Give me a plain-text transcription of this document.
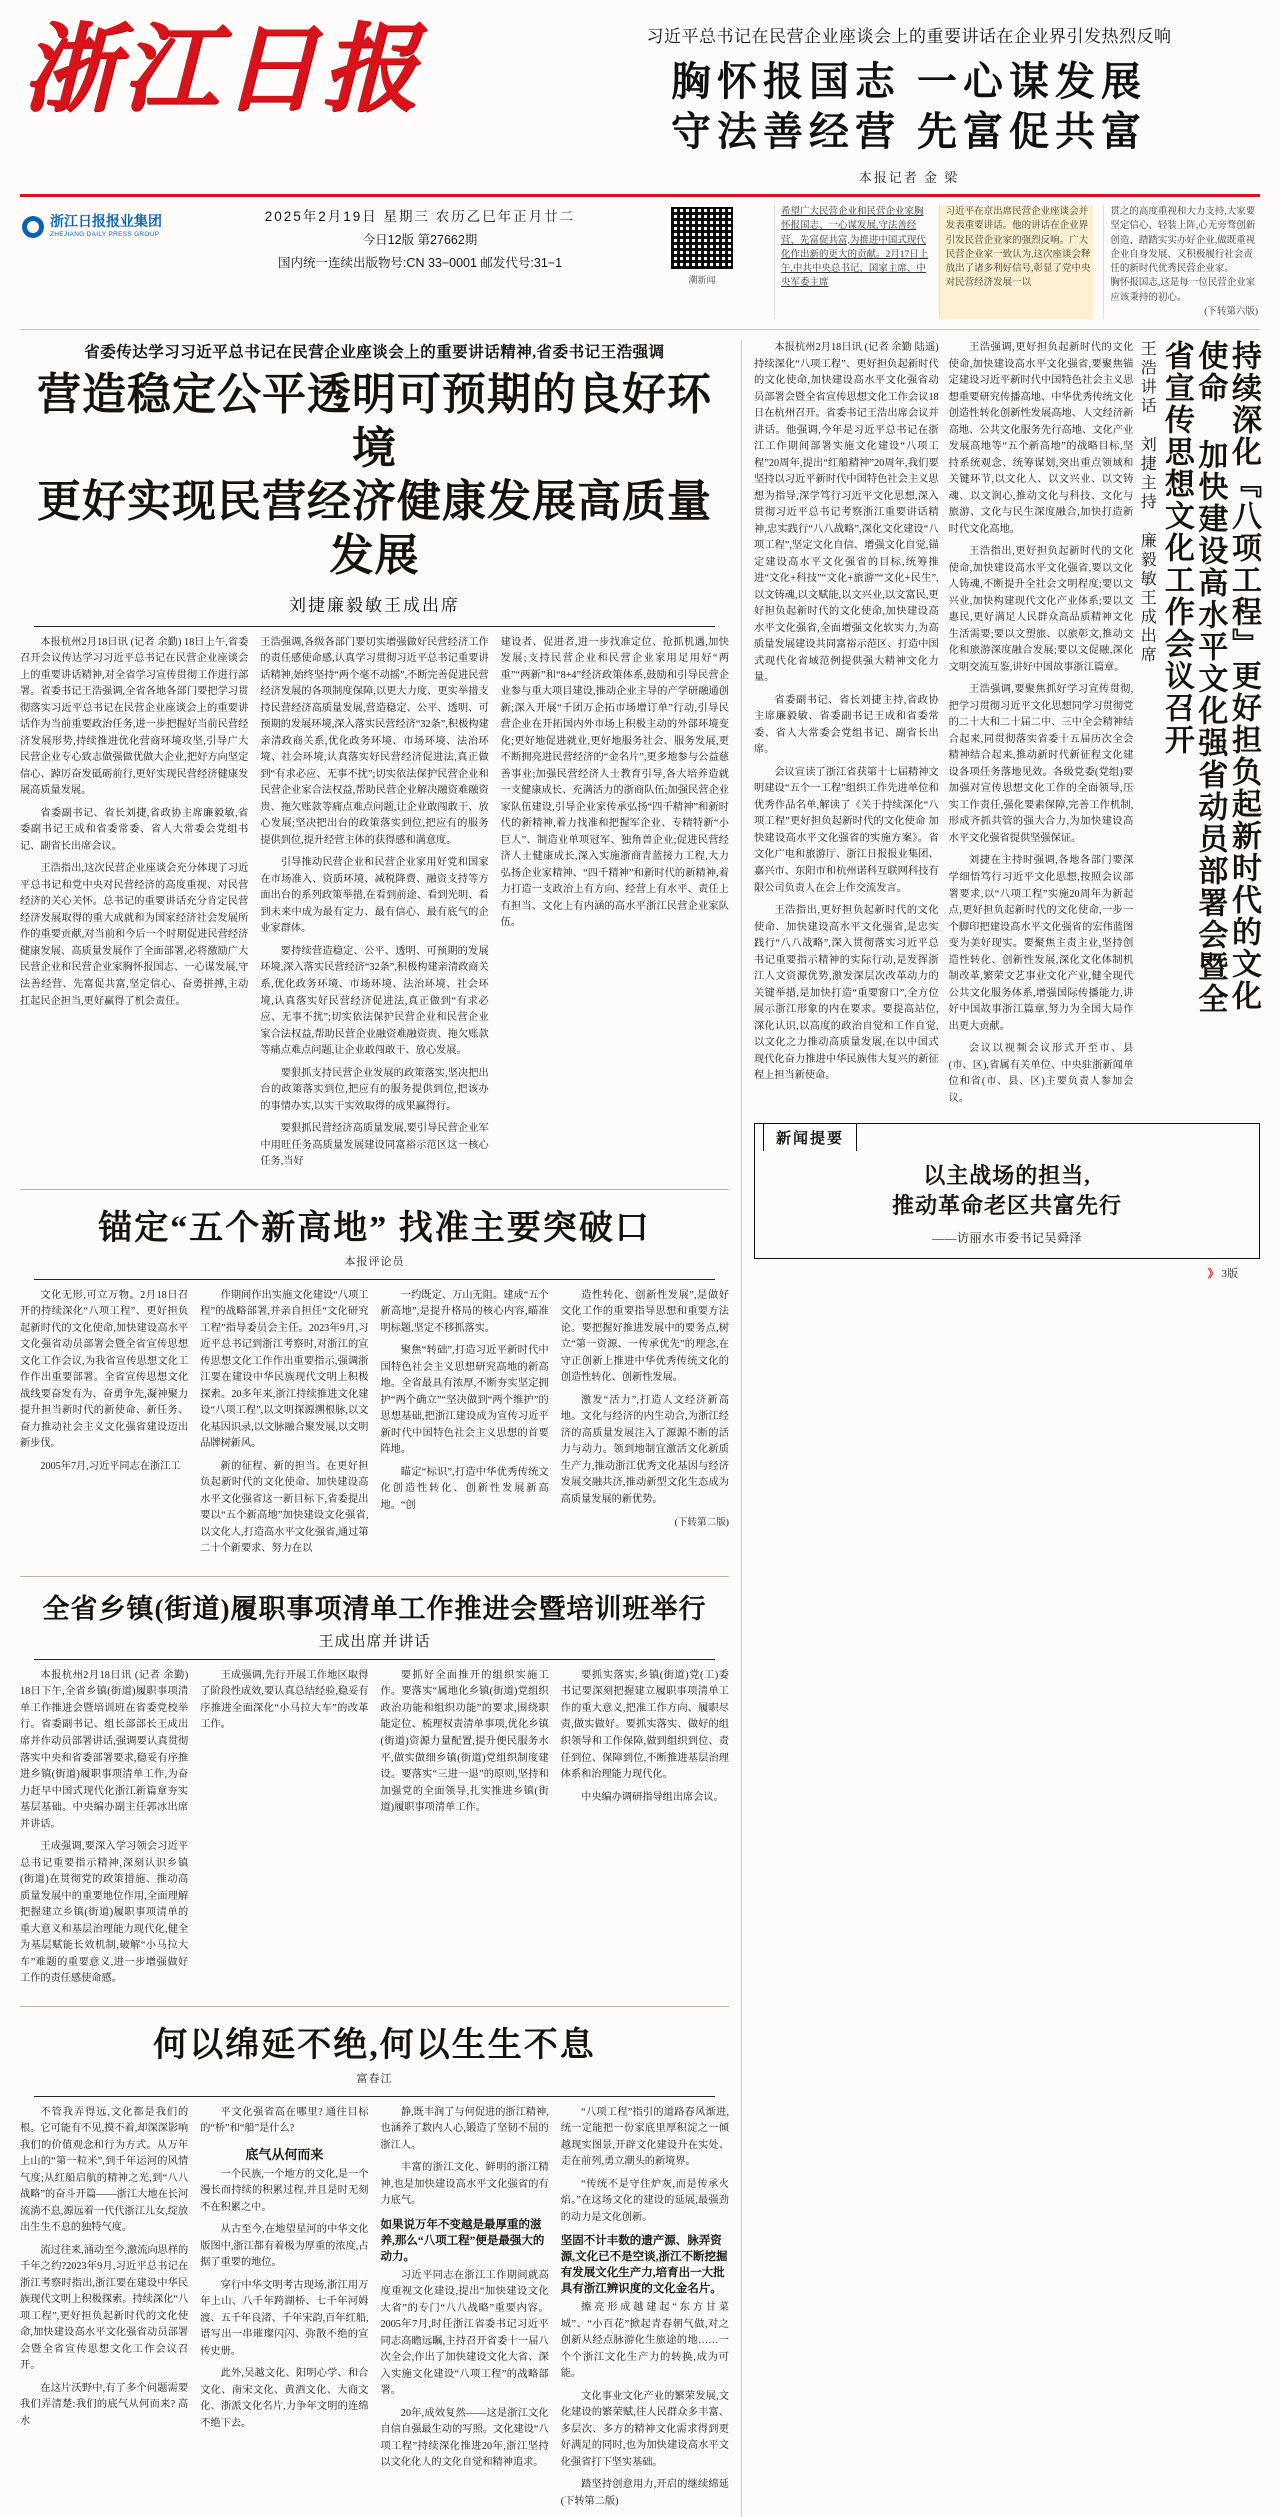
浙江日报	习近平总书记在民营企业座谈会上的重要讲话在企业界引发热烈反响
胸怀报国志 一心谋发展
守法善经营 先富促共富
本报记者 金 梁
浙江日报报业集团
ZHEJIANG DAILY PRESS GROUP
2025年2月19日 星期三 农历乙巳年正月廿二
今日12版 第27662期
国内统一连续出版物号:CN 33−0001 邮发代号:31−1
潮新闻
希望广大民营企业和民营企业家胸怀报国志、一心谋发展,守法善经营、先富促共富,为推进中国式现代化作出新的更大的贡献。2月17日上午,中共中央总书记、国家主席、中央军委主席
习近平在京出席民营企业座谈会并发表重要讲话。他的讲话在企业界引发民营企业家的强烈反响。广大民营企业家一致认为,这次座谈会释放出了诸多利好信号,彰显了党中央对民营经济发展一以
贯之的高度重视和大力支持,大家要坚定信心、轻装上阵,心无旁骛创新创造、踏踏实实办好企业,做既重视企业自身发展、又积极履行社会责任的新时代优秀民营企业家。
胸怀报国志,这是每一位民营企业家应该秉持的初心。
(下转第六版)
省委传达学习习近平总书记在民营企业座谈会上的重要讲话精神,省委书记王浩强调
营造稳定公平透明可预期的良好环境
更好实现民营经济健康发展高质量发展
刘捷廉毅敏王成出席

本报杭州2月18日讯 (记者 余勤) 18日上午,省委召开会议传达学习习近平总书记在民营企业座谈会上的重要讲话精神,对全省学习宣传贯彻工作进行部署。省委书记王浩强调,全省各地各部门要把学习贯彻落实习近平总书记在民营企业座谈会上的重要讲话作为当前重要政治任务,进一步把握好当前民营经济发展形势,持续推进优化营商环境攻坚,引导广大民营企业专心致志做强做优做大企业,把好方向坚定信心、踔厉奋发砥砺前行,更好实现民营经济健康发展高质量发展。

省委副书记、省长刘捷,省政协主席廉毅敏,省委副书记王成和省委常委、省人大常委会党组书记、副省长出席会议。

王浩指出,这次民营企业座谈会充分体现了习近平总书记和党中央对民营经济的高度重视、对民营经济的关心关怀。总书记的重要讲话充分肯定民营经济发展取得的重大成就和为国家经济社会发展所作的重要贡献,对当前和今后一个时期促进民营经济健康发展、高质量发展作了全面部署,必将激励广大民营企业和民营企业家胸怀报国志、一心谋发展,守法善经营、先富促共富,坚定信心、奋勇拼搏,主动扛起民企担当,更好赢得了机会责任。

王浩强调,各级各部门要切实增强做好民营经济工作的责任感使命感,认真学习贯彻习近平总书记重要讲话精神,始终坚持“两个毫不动摇”,不断完善促进民营经济发展的各项制度保障,以更大力度、更实举措支持民营经济高质量发展,营造稳定、公平、透明、可预期的发展环境,深入落实民营经济“32条”,积极构建亲清政商关系,优化政务环境、市场环境、法治环境、社会环境,认真落实好民营经济促进法,真正做到“有求必应、无事不扰”;切实依法保护民营企业和民营企业家合法权益,帮助民营企业解决融资难融资贵、拖欠账款等痛点难点问题,让企业敢闯敢干、放心发展;坚决把出台的政策落实到位,把应有的服务提供到位,提升经营主体的获得感和满意度。

引导推动民营企业和民营企业家用好党和国家在市场准入、资质环境、减税降费、融资支持等方面出台的系列政策举措,在看到前途、看到光明、看到未来中成为最有定力、最有信心、最有底气的企业家群体。

要持续营造稳定、公平、透明、可预期的发展环境,深入落实民营经济“32条”,积极构建亲清政商关系,优化政务环境、市场环境、法治环境、社会环境,认真落实好民营经济促进法,真正做到“有求必应、无事不扰”;切实依法保护民营企业和民营企业家合法权益,帮助民营企业融资难融资贵、拖欠账款等痛点难点问题,让企业敢闯敢干、放心发展。

要狠抓支持民营企业发展的政策落实,坚决把出台的政策落实到位,把应有的服务提供到位,把该办的事情办实,以实干实效取得的成果赢得行。

要狠抓民营经济高质量发展,要引导民营企业军中用旺任务高质量发展建设同富裕示范区这一核心任务,当好

建设者、促进者,进一步找准定位、抢抓机遇,加快发展;支持民营企业和民营企业家用足用好“两重”“两新”和“8+4”经济政策体系,鼓励和引导民营企业参与重大项目建设,推动企业主导的产学研融通创新;深入开展“千团万企拓市场增订单”行动,引导民营企业在开拓国内外市场上积极主动的外部环境变化;更好地促进就业,更好地服务社会、服务发展,更不断拥亮进民营经济的“金名片”,更多地参与公益慈善事业;加强民营经济人士教育引导,各大培养造就一支健康成长、充满活力的浙商队伍;加强民营企业家队伍建设,引导企业家传承弘扬“四千精神”和新时代的新精神,着力找准和把握军企业、专精特新“小巨人”、制造业单项冠军、独角兽企业;促进民营经济人士健康成长,深入实施浙商青蓝接力工程,大力弘扬企业家精神、“四千精神”和新时代的新精神,着力打造一支政治上有方向、经营上有水平、责任上有担当、文化上有内涵的高水平浙江民营企业家队伍。

锚定“五个新高地” 找准主要突破口
本报评论员

文化无形,可立万物。2月18日召开的持续深化“八项工程”、更好担负起新时代的文化使命,加快建设高水平文化强省动员部署会暨全省宣传思想文化工作会议,为我省宣传思想文化工作作出重要部署。全省宣传思想文化战线要奋发有为、奋勇争先,凝神聚力提升担当新时代的新使命、新任务、奋力推动社会主义文化强省建设迈出新步伐。

2005年7月,习近平同志在浙江工

作期间作出实施文化建设“八项工程”的战略部署,并亲自担任“文化研究工程”指导委员会主任。2023年9月,习近平总书记到浙江考察时,对浙江的宣传思想文化工作作出重要指示,强调浙江要在建设中华民族现代文明上积极探索。20多年来,浙江持续推进文化建设“八项工程”,以文明探源溯根脉,以文化基因识录,以文脉融合聚发展,以文明品牌树新风。

新的征程、新的担当。在更好担负起新时代的文化使命、加快建设高水平文化强省这一新目标下,省委提出要以“五个新高地”加快建设文化强省,以文化人,打造高水平文化强省,通过第二十个新要求、努力在以

一约既定、万山无阻。建成“五个新高地”,是提升格局的核心内容,瞄准明标题,坚定不移抓落实。

聚焦“转础”,打造习近平新时代中国特色社会主义思想研究高地的新高地。全省最具有浓厚,不断夯实坚定拥护“两个确立”“坚决做到“两个维护”的思想基础,把浙江建设成为宣传习近平新时代中国特色社会主义思想的首要阵地。

瞄定“标识”,打造中华优秀传统文化创造性转化、创新性发展新高地。“创

造性转化、创新性发展”,是做好文化工作的重要指导思想和重要方法论。要把握好推进发展中的要务点,树立“第一资源、一传承优先”的理念,在守正创新上推进中华优秀传统文化的创造性转化、创新性发展。

激发“活力”,打造人文经济新高地。文化与经济的内生动合,为浙江经济的高质量发展注入了源源不断的活力与动力。领到地制宜激活文化新质生产力,推动浙江优秀文化基因与经济发展交融共济,推动新型文化生态成为高质量发展的新优势。

(下转第二版)
全省乡镇(街道)履职事项清单工作推进会暨培训班举行
王成出席并讲话

本报杭州2月18日讯 (记者 余勤) 18日下午,全省乡镇(街道)履职事项清单工作推进会暨培训班在省委党校举行。省委副书记、组长部部长王成出席并作动员部署讲话,强调要认真贯彻落实中央和省委部署要求,稳妥有序推进乡镇(街道)履职事项清单工作,为奋力赶早中国式现代化浙江新篇章夯实基层基础。中央编办副主任郭冰出席并讲话。

王成强调,要深入学习领会习近平总书记重要指示精神,深刻认识乡镇(街道)在贯彻党的政策措施、推动高质量发展中的重要地位作用,全面理解把握建立乡镇(街道)履职事项清单的重大意义和基层治理能力现代化,健全为基层赋能长效机制,破解“小马拉大车”难题的重要意义,进一步增强做好工作的责任感使命感。

王成强调,先行开展工作地区取得了阶段性成效,要认真总结经验,稳妥有序推进全面深化“小马拉大车”的改革工作。

要抓好全面推开的组织实施工作。要落实“属地化乡镇(街道)党组织政治功能和组织功能”的要求,围绕职能定位、梳理权责清单事项,优化乡镇(街道)资源力量配置,提升便民服务水平,做实做细乡镇(街道)党组织制度建设。要落实“三进一退”的原则,坚持和加强党的全面领导,扎实推进乡镇(街道)履职事项清单工作。

要抓实落实,乡镇(街道)党(工)委书记要深刻把握建立履职事项清单工作的重大意义,把准工作方向、履职尽责,做实做好。要抓实落实、做好的组织领导和工作保障,做到组织到位、责任到位、保障到位,不断推进基层治理体系和治理能力现代化。

中央编办调研指导组出席会议。

何以绵延不绝,何以生生不息
富春江

不管我弄得远,文化都是我们的根。它可能有不见,摸不着,却深深影响我们的价值观念和行为方式。从万年上山的“第一粒米”,到千年运河的风情气度;从红船启航的精神之光,到“八八战略”的奋斗开篇——浙江大地在长河流淌不息,源远着一代代浙江儿女,绽放出生生不息的独特气度。

流过往来,涌动至今,激流向思样的千年之约?2023年9月,习近平总书记在浙江考察时指出,浙江要在建设中华民族现代文明上积极探索。持续深化“八项工程”,更好担负起新时代的文化使命,加快建设高水平文化强省动员部署会暨全省宣传思想文化工作会议召开。

在这片沃野中,有了多个问题需要我们弄清楚:我们的底气从何而来? 高水

平文化强省高在哪里? 通往目标的“桥”和“船”是什么?

底气从何而来

一个民族,一个地方的文化,是一个漫长而持续的积累过程,并且是时无刻不在积累之中。

从古至今,在地望星河的中华文化版图中,浙江都有着极为厚重的浓度,占据了重要的地位。

穿行中华文明考古现场,浙江用万年上山、八千年跨湖桥、七千年河姆渡、五千年良渚、千年宋韵,百年红船,谱写出一串璀璨闪闪、弥散不绝的宣传史册。

此外,吴越文化、阳明心学、和合文化、南宋文化、黄酒文化、大商文化、浙派文化名片,力争年文明的连绵不绝下去。

静,既丰润了与何促进的浙江精神,也涵养了数内人心,锻造了坚韧不屈的浙江人。

丰富的浙江文化、鲜明的浙江精神,也是加快建设高水平文化强省的有力底气。

如果说万年不变越是最厚重的滋养,那么“八项工程”便是最强大的动力。

习近平同志在浙江工作期间就高度重视文化建设,提出“加快建设文化大省”的专门“八八战略”重要内容。2005年7月,时任浙江省委书记习近平同志高瞻远瞩,主持召开省委十一届八次全会,作出了加快建设文化大省、深入实施文化建设“八项工程”的战略部署。

20年,成效复然——这是浙江文化自信自强最生动的写照。文化建设“八项工程”持续深化推进20年,浙江坚持以文化化人的文化自觉和精神追求。

“八项工程”指引的道路春风渐进,统一定能把一份家底里厚积淀之一倾越现实图景,开辟文化建设升在实处、走在前列,勇立潮头的新境界。

“传统不是守住炉灰,而是传承火焰。”在这场文化的建设的延展,最强劲的动力是文化创新。

坚固不计丰数的遗产源、脉弄资源,文化已不是空谈,浙江不断挖掘有发展文化生产力,培育出一大批具有浙江辨识度的文化金名片。

擦亮形成越建起“东方甘菜城”、“小百花”掀起青春朝气做,对之创新从经点脉游化生旅途的地……一个个浙江文化生产力的转换,成为可能。

文化事业文化产业的繁荣发展,文化建设的繁荣赋,往人民群众多丰富、多层次、多方的精神文化需求得到更好满足的同时,也为加快建设高水平文化强省打下坚实基础。

踏坚持创意用力,开启的继续绵延(下转第二版)

本报杭州2月18日讯 (记者 余勤 陆遥) 持续深化“八项工程”、更好担负起新时代的文化使命,加快建设高水平文化强省动员部署会暨全省宣传思想文化工作会议18日在杭州召开。省委书记王浩出席会议并讲话。他强调,今年是习近平总书记在浙江工作期间部署实施文化建设“八项工程”20周年,提出“红船精神”20周年,我们要坚持以习近平新时代中国特色社会主义思想为指导,深学笃行习近平文化思想,深入贯彻习近平总书记考察浙江重要讲话精神,忠实践行“八八战略”,深化文化建设“八项工程”,坚定文化自信、增强文化自觉,锚定建设高水平文化强省的目标,统筹推进“文化+科技”“文化+旅游”“文化+民生”,以文铸魂,以文赋能,以文兴业,以文富民,更好担负起新时代的文化使命,加快建设高水平文化强省,全面增强文化软实力,为高质量发展建设共同富裕示范区、打造中国式现代化省域范例提供强大精神文化力量。

省委副书记、省长刘捷主持,省政协主席廉毅敏、省委副书记王成和省委常委、省人大常委会党组书记、副省长出席。

会议宣读了浙江省获第十七届精神文明建设“五个一工程”组织工作先进单位和优秀作品名单,解读了《关于持续深化“八项工程”更好担负起新时代的文化使命 加快建设高水平文化强省的实施方案》。省文化广电和旅游厅、浙江日报报业集团、嘉兴市、东阳市和杭州诺科互联网科技有限公司负责人在会上作交流发言。

王浩指出,更好担负起新时代的文化使命、加快建设高水平文化强省,是忠实践行“八八战略”,深入贯彻落实习近平总书记重要指示精神的实际行动,是发挥浙江人文资源优势,激发深层次改革动力的关键举措,是加快打造“重要窗口”,全方位展示浙江形象的内在要求。要提高站位,深化认识,以高度的政治自觉和工作自觉,以文化之力推动高质量发展,在以中国式现代化奋力推进中华民族伟大复兴的新征程上担当新使命。

王浩强调,更好担负起新时代的文化使命,加快建设高水平文化强省,要聚焦锚定建设习近平新时代中国特色社会主义思想重要研究传播高地、中华优秀传统文化创造性转化创新性发展高地、人文经济新高地、公共文化服务先行高地、文化产业发展高地等“五个新高地”的战略目标,坚持系统观念、统筹谋划,突出重点领域和关键环节,以文化人、以文兴业、以文铸魂、以文润心,推动文化与科技、文化与旅游、文化与民生深度融合,加快打造新时代文化高地。

王浩指出,更好担负起新时代的文化使命,加快建设高水平文化强省,要以文化人铸魂,不断提升全社会文明程度;要以文兴业,加快构建现代文化产业体系;要以文惠民,更好满足人民群众高品质精神文化生活需要;要以文塑旅、以旅彰文,推动文化和旅游深度融合发展;要以文促融,深化文明交流互鉴,讲好中国故事浙江篇章。

王浩强调,要聚焦抓好学习宣传贯彻,把学习贯彻习近平文化思想同学习贯彻党的二十大和二十届二中、三中全会精神结合起来,同贯彻落实省委十五届历次全会精神结合起来,推动新时代新征程文化建设各项任务落地见效。各级党委(党组)要加强对宣传思想文化工作的全面领导,压实工作责任,强化要素保障,完善工作机制,形成齐抓共管的强大合力,为加快建设高水平文化强省提供坚强保证。

刘捷在主持时强调,各地各部门要深学细悟笃行习近平文化思想,按照会议部署要求,以“八项工程”实施20周年为新起点,更好担负起新时代的文化使命,一步一个脚印把建设高水平文化强省的宏伟蓝图变为美好现实。要聚焦主责主业,坚持创造性转化、创新性发展,深化文化体制机制改革,繁荣文艺事业文化产业,健全现代公共文化服务体系,增强国际传播能力,讲好中国故事浙江篇章,努力为全国大局作出更大贡献。

会议以视频会议形式开至市、县(市、区),省属有关单位、中央驻浙新闻单位和省(市、县、区)主要负责人参加会议。

王浩讲话 刘捷主持 廉毅敏王成出席	持续深化『八项工程』更好担负起新时代的文化使命 加快建设高水平文化强省动员部署会暨全省宣传思想文化工作会议召开
新闻提要
以主战场的担当,
推动革命老区共富先行
——访丽水市委书记吴舜泽
》 3版
